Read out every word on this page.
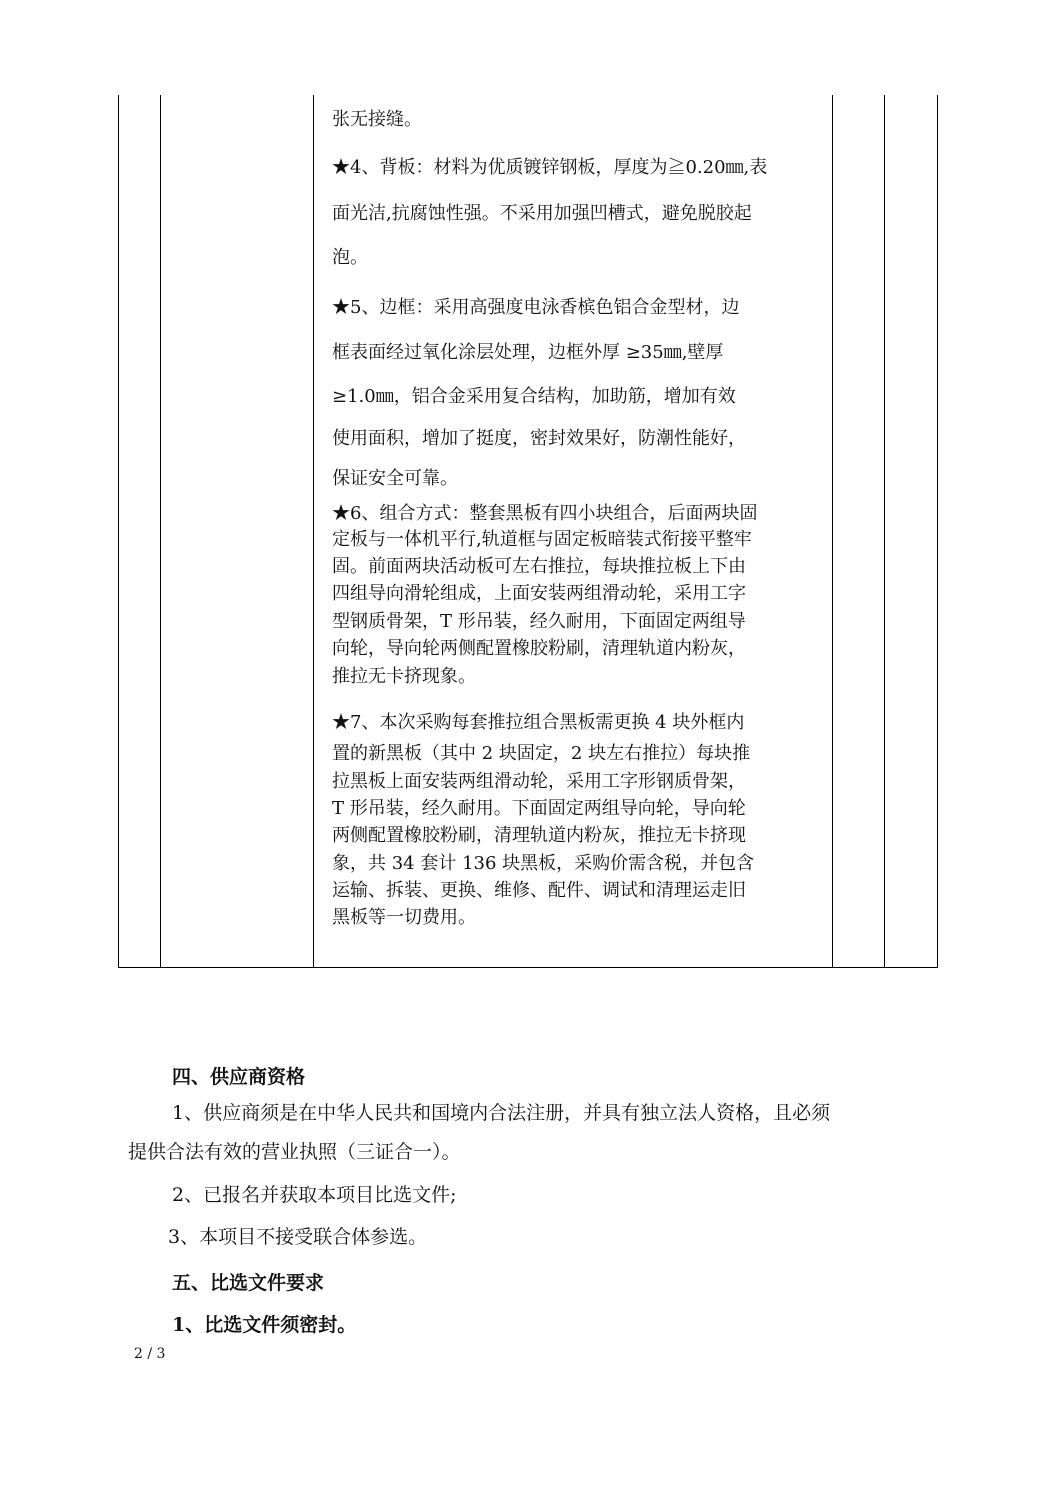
张无接缝。

★4、背板：材料为优质镀锌钢板，厚度为≧0.20㎜,表

面光洁,抗腐蚀性强。不采用加强凹槽式，避免脱胶起

泡。

★5、边框：采用高强度电泳香槟色铝合金型材，边

框表面经过氧化涂层处理，边框外厚 ≥35㎜,壁厚

≥1.0㎜，铝合金采用复合结构，加助筋，增加有效

使用面积，增加了挺度，密封效果好，防潮性能好，

保证安全可靠。

★6、组合方式：整套黑板有四小块组合，后面两块固

定板与一体机平行,轨道框与固定板暗装式衔接平整牢

固。前面两块活动板可左右推拉，每块推拉板上下由

四组导向滑轮组成，上面安装两组滑动轮，采用工字

型钢质骨架，T 形吊装，经久耐用，下面固定两组导

向轮，导向轮两侧配置橡胶粉刷，清理轨道内粉灰，

推拉无卡挤现象。

★7、本次采购每套推拉组合黑板需更换 4 块外框内

置的新黑板（其中 2 块固定，2 块左右推拉）每块推

拉黑板上面安装两组滑动轮，采用工字形钢质骨架，

T 形吊装，经久耐用。下面固定两组导向轮，导向轮

两侧配置橡胶粉刷，清理轨道内粉灰，推拉无卡挤现

象，共 34 套计 136 块黑板，采购价需含税，并包含

运输、拆装、更换、维修、配件、调试和清理运走旧

黑板等一切费用。

四、供应商资格

1、供应商须是在中华人民共和国境内合法注册，并具有独立法人资格，且必须

提供合法有效的营业执照（三证合一）。

2、已报名并获取本项目比选文件;

3、本项目不接受联合体参选。

五、比选文件要求

1、比选文件须密封。

2 / 3
